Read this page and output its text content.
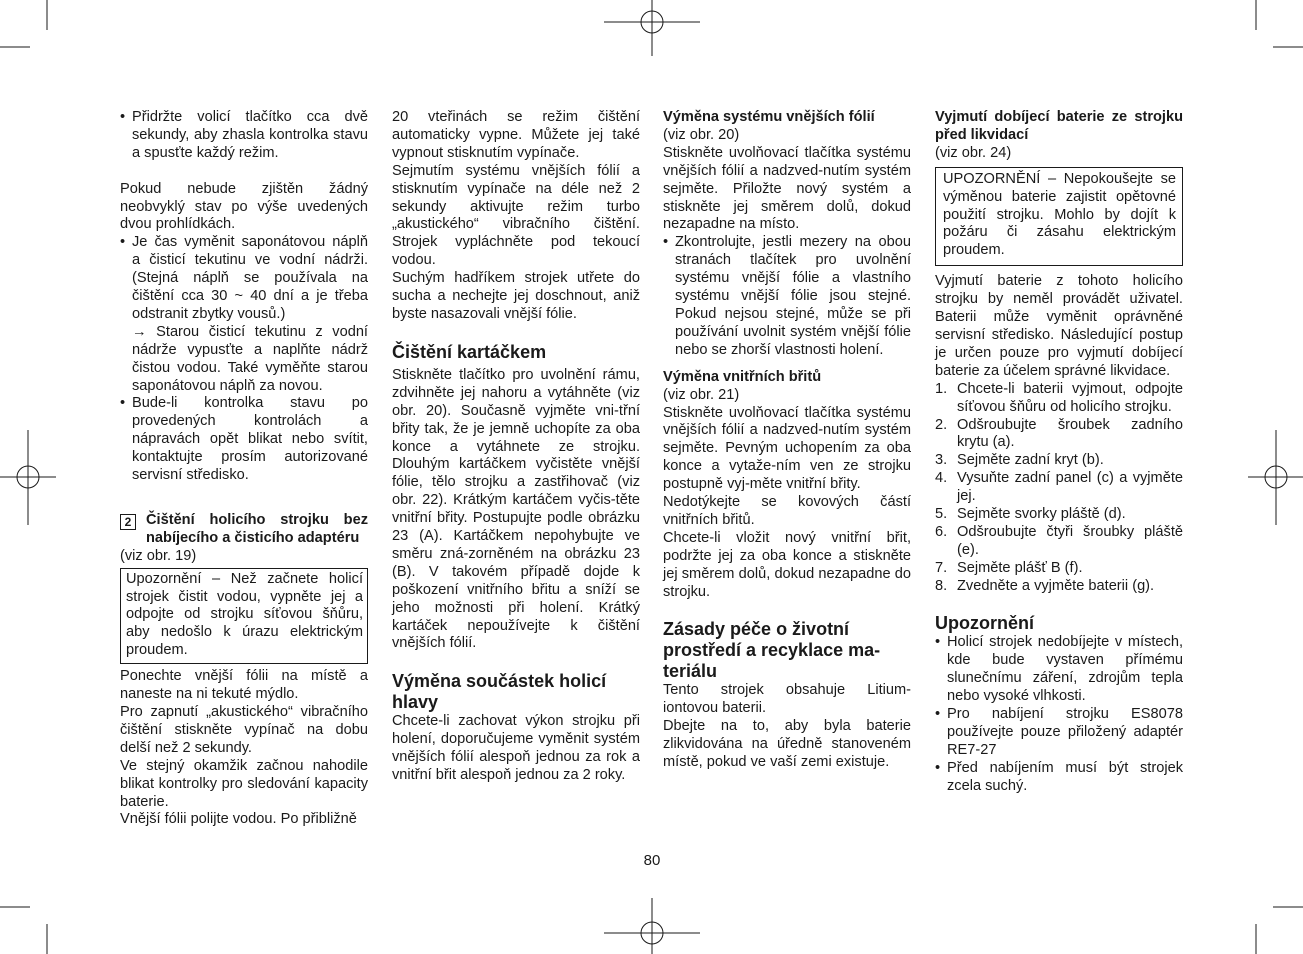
• Přidržte volicí tlačítko cca dvě sekundy, aby zhasla kontrolka stavu a spusťte každý režim.

Pokud nebude zjištěn žádný neobvyklý stav po výše uvedených dvou prohlídkách.

• Je čas vyměnit saponátovou náplň a čisticí tekutinu ve vodní nádrži. (Stejná náplň se používala na čištění cca 30 ~ 40 dní a je třeba odstranit zbytky vousů.)

→ Starou čisticí tekutinu z vodní nádrže vypusťte a naplňte nádrž čistou vodou. Také vyměňte starou saponátovou náplň za novou.

• Bude-li kontrolka stavu po provedených kontrolách a nápravách opět blikat nebo svítit, kontaktujte prosím autorizované servisní středisko.

2	Čištění holicího strojku bez nabíjecího a čisticího adaptéru

(viz obr. 19)

Upozornění – Než začnete holicí strojek čistit vodou, vypněte jej a odpojte od strojku síťovou šňůru, aby nedošlo k úrazu elektrickým proudem.

Ponechte vnější fólii na místě a naneste na ni tekuté mýdlo.

Pro zapnutí „akustického“ vibračního čištění stiskněte vypínač na dobu delší než 2 sekundy.

Ve stejný okamžik začnou nahodile blikat kontrolky pro sledování kapacity baterie.

Vnější fólii polijte vodou. Po přibližně

20 vteřinách se režim čištění automaticky vypne. Můžete jej také vypnout stisknutím vypínače.

Sejmutím systému vnějších fólií a stisknutím vypínače na déle než 2 sekundy aktivujte režim turbo „akustického“ vibračního čištění. Strojek vypláchněte pod tekoucí vodou.

Suchým hadříkem strojek utřete do sucha a nechejte jej doschnout, aniž byste nasazovali vnější fólie.

Čištění kartáčkem

Stiskněte tlačítko pro uvolnění rámu, zdvihněte jej nahoru a vytáhněte (viz obr. 20). Současně vyjměte vni-třní břity tak, že je jemně uchopíte za oba konce a vytáhnete ze strojku. Dlouhým kartáčkem vyčistěte vnější fólie, tělo strojku a zastřihovač (viz obr. 22). Krátkým kartáčem vyčis-těte vnitřní břity. Postupujte podle obrázku 23 (A). Kartáčkem nepohybujte ve směru zná-zorněném na obrázku 23 (B). V takovém případě dojde k poškození vnitřního břitu a sníží se jeho možnosti při holení. Krátký kartáček nepoužívejte k čištění vnějších fólií.

Výměna součástek holicí hlavy

Chcete-li zachovat výkon strojku při holení, doporučujeme vyměnit systém vnějších fólií alespoň jednou za rok a vnitřní břit alespoň jednou za 2 roky.

Výměna systému vnějších fólií

(viz obr. 20)

Stiskněte uvolňovací tlačítka systému vnějších fólií a nadzved-nutím systém sejměte. Přiložte nový systém a stiskněte jej směrem dolů, dokud nezapadne na místo.

• Zkontrolujte, jestli mezery na obou stranách tlačítek pro uvolnění systému vnější fólie a vlastního systému vnější fólie jsou stejné. Pokud nejsou stejné, může se při používání uvolnit systém vnější fólie nebo se zhorší vlastnosti holení.

Výměna vnitřních břitů

(viz obr. 21)

Stiskněte uvolňovací tlačítka systému vnějších fólií a nadzved-nutím systém sejměte. Pevným uchopením za oba konce a vytaže-ním ven ze strojku postupně vyj-měte vnitřní břity.

Nedotýkejte se kovových částí vnitřních břitů.

Chcete-li vložit nový vnitřní břit, podržte jej za oba konce a stiskněte jej směrem dolů, dokud nezapadne do strojku.

Zásady péče o životní prostředí a recyklace ma-teriálu

Tento strojek obsahuje Litium-iontovou baterii.

Dbejte na to, aby byla baterie zlikvidována na úředně stanoveném místě, pokud ve vaší zemi existuje.

Vyjmutí dobíjecí baterie ze strojku před likvidací

(viz obr. 24)

UPOZORNĚNÍ – Nepokoušejte se výměnou baterie zajistit opětovné použití strojku. Mohlo by dojít k požáru či zásahu elektrickým proudem.

Vyjmutí baterie z tohoto holicího strojku by neměl provádět uživatel. Baterii může vyměnit oprávněné servisní středisko. Následující postup je určen pouze pro vyjmutí dobíjecí baterie za účelem správné likvidace.

1. Chcete-li baterii vyjmout, odpojte síťovou šňůru od holicího strojku.

2. Odšroubujte šroubek zadního krytu (a).

3. Sejměte zadní kryt (b).

4. Vysuňte zadní panel (c) a vyjměte jej.

5. Sejměte svorky pláště (d).

6. Odšroubujte čtyři šroubky pláště (e).

7. Sejměte plášť B (f).

8. Zvedněte a vyjměte baterii (g).

Upozornění

• Holicí strojek nedobíjejte v místech, kde bude vystaven přímému slunečnímu záření, zdrojům tepla nebo vysoké vlhkosti.

• Pro nabíjení strojku ES8078 používejte pouze přiložený adaptér RE7-27

• Před nabíjením musí být strojek zcela suchý.

80
